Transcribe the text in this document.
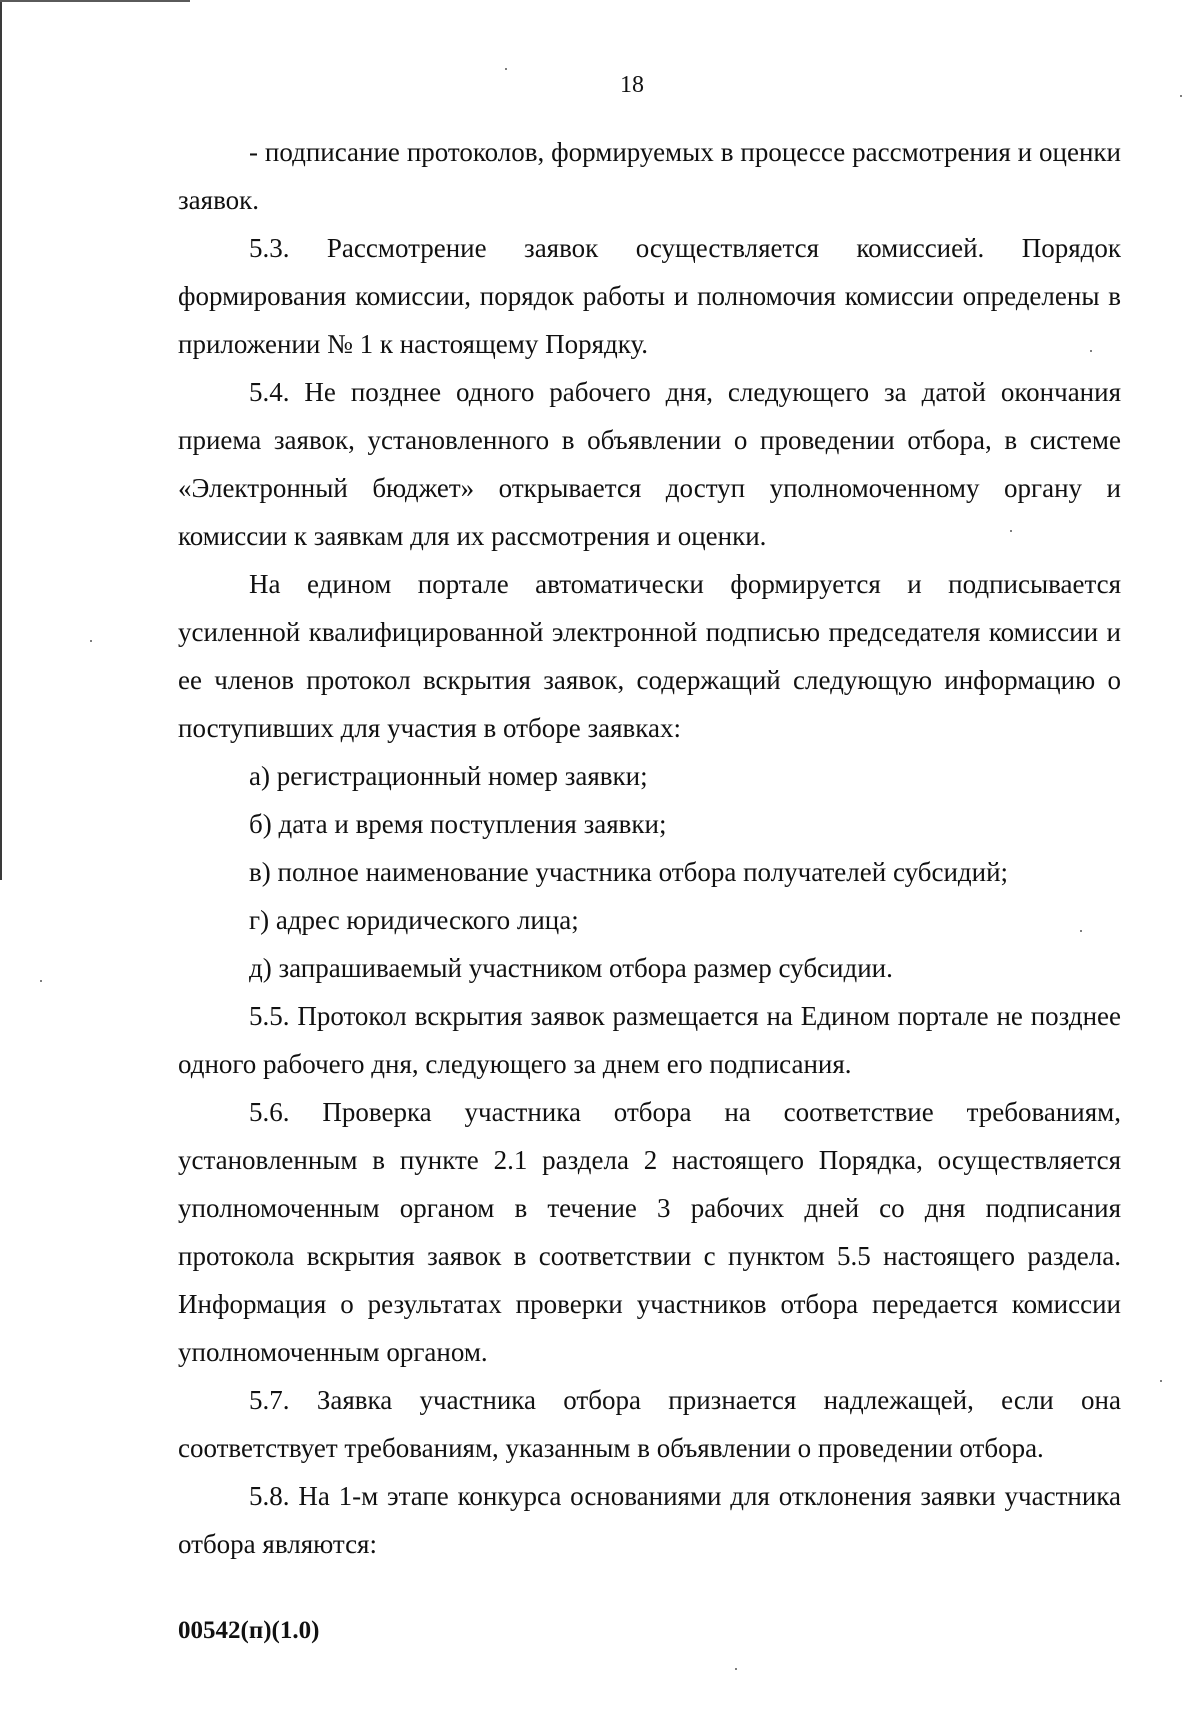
18

- подписание протоколов, формируемых в процессе рассмотрения и оценки заявок.

5.3. Рассмотрение заявок осуществляется комиссией. Порядок формирования комиссии, порядок работы и полномочия комиссии определены в приложении № 1 к настоящему Порядку.

5.4. Не позднее одного рабочего дня, следующего за датой окончания приема заявок, установленного в объявлении о проведении отбора, в системе «Электронный бюджет» открывается доступ уполномоченному органу и комиссии к заявкам для их рассмотрения и оценки.

На едином портале автоматически формируется и подписывается усиленной квалифицированной электронной подписью председателя комиссии и ее членов протокол вскрытия заявок, содержащий следующую информацию о поступивших для участия в отборе заявках:

а) регистрационный номер заявки;

б) дата и время поступления заявки;

в) полное наименование участника отбора получателей субсидий;

г) адрес юридического лица;

д) запрашиваемый участником отбора размер субсидии.

5.5. Протокол вскрытия заявок размещается на Едином портале не позднее одного рабочего дня, следующего за днем его подписания.

5.6. Проверка участника отбора на соответствие требованиям, установленным в пункте 2.1 раздела 2 настоящего Порядка, осуществляется уполномоченным органом в течение 3 рабочих дней со дня подписания протокола вскрытия заявок в соответствии с пунктом 5.5 настоящего раздела. Информация о результатах проверки участников отбора передается комиссии уполномоченным органом.

5.7. Заявка участника отбора признается надлежащей, если она соответствует требованиям, указанным в объявлении о проведении отбора.

5.8. На 1-м этапе конкурса основаниями для отклонения заявки участника отбора являются:

00542(п)(1.0)
